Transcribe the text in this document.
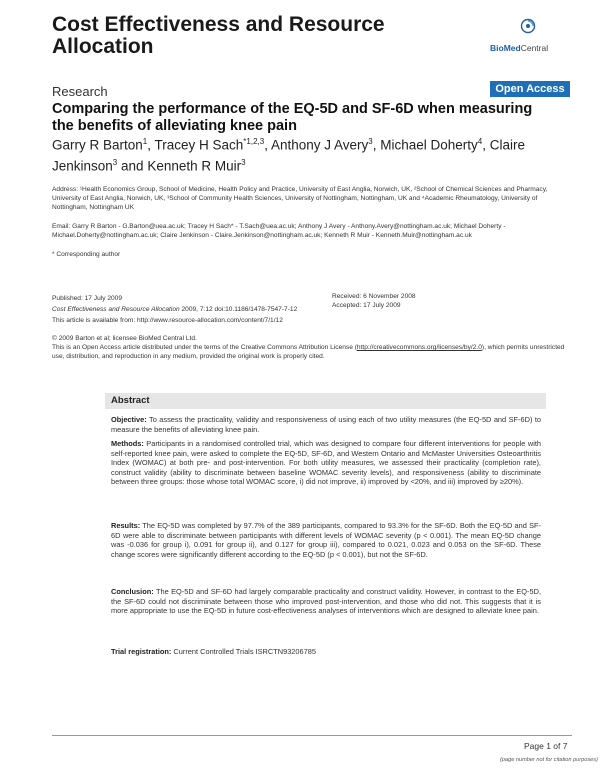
Cost Effectiveness and Resource Allocation	BioMedCentral
Research	Open Access
Comparing the performance of the EQ-5D and SF-6D when measuring the benefits of alleviating knee pain
Garry R Barton$^1$, Tracey H Sach$^{*1,2,3}$, Anthony J Avery$^3$, Michael Doherty$^4$, Claire Jenkinson$^3$ and Kenneth R Muir$^3$
Address: ¹Health Economics Group, School of Medicine, Health Policy and Practice, University of East Anglia, Norwich, UK, ²School of Chemical Sciences and Pharmacy, University of East Anglia, Norwich, UK, ³School of Community Health Sciences, University of Nottingham, Nottingham, UK and ⁴Academic Rheumatology, University of Nottingham, Nottingham UK
Email: Garry R Barton - G.Barton@uea.ac.uk; Tracey H Sach* - T.Sach@uea.ac.uk; Anthony J Avery - Anthony.Avery@nottingham.ac.uk; Michael Doherty - Michael.Doherty@nottingham.ac.uk; Claire Jenkinson - Claire.Jenkinson@nottingham.ac.uk; Kenneth R Muir - Kenneth.Muir@nottingham.ac.uk
* Corresponding author
Published: 17 July 2009
Cost Effectiveness and Resource Allocation 2009, 7:12 doi:10.1186/1478-7547-7-12
This article is available from: http://www.resource-allocation.com/content/7/1/12
Received: 6 November 2008
Accepted: 17 July 2009
© 2009 Barton et al; licensee BioMed Central Ltd.
This is an Open Access article distributed under the terms of the Creative Commons Attribution License (http://creativecommons.org/licenses/by/2.0), which permits unrestricted use, distribution, and reproduction in any medium, provided the original work is properly cited.
Abstract

Objective: To assess the practicality, validity and responsiveness of using each of two utility measures (the EQ-5D and SF-6D) to measure the benefits of alleviating knee pain.

Methods: Participants in a randomised controlled trial, which was designed to compare four different interventions for people with self-reported knee pain, were asked to complete the EQ-5D, SF-6D, and Western Ontario and McMaster Universities Osteoarthritis Index (WOMAC) at both pre- and post-intervention. For both utility measures, we assessed their practicality (completion rate), construct validity (ability to discriminate between baseline WOMAC severity levels), and responsiveness (ability to discriminate between three groups: those whose total WOMAC score, i) did not improve, ii) improved by <20%, and iii) improved by ≥20%).

Results: The EQ-5D was completed by 97.7% of the 389 participants, compared to 93.3% for the SF-6D. Both the EQ-5D and SF-6D were able to discriminate between participants with different levels of WOMAC severity (p < 0.001). The mean EQ-5D change was -0.036 for group i), 0.091 for group ii), and 0.127 for group iii), compared to 0.021, 0.023 and 0.053 on the SF-6D. These change scores were significantly different according to the EQ-5D (p < 0.001), but not the SF-6D.

Conclusion: The EQ-5D and SF-6D had largely comparable practicality and construct validity. However, in contrast to the EQ-5D, the SF-6D could not discriminate between those who improved post-intervention, and those who did not. This suggests that it is more appropriate to use the EQ-5D in future cost-effectiveness analyses of interventions which are designed to alleviate knee pain.

Trial registration: Current Controlled Trials ISRCTN93206785

Page 1 of 7
(page number not for citation purposes)
